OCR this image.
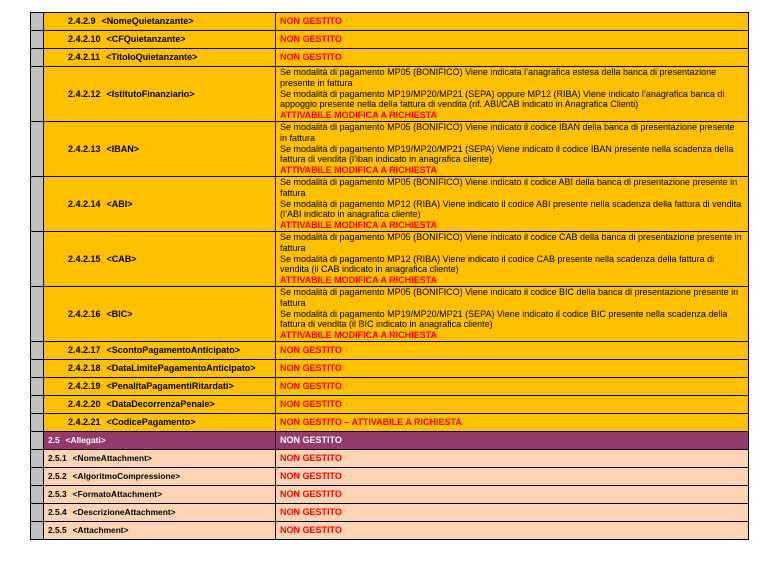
	2.4.2.9 <NomeQuietanzante>	NON GESTITO
	2.4.2.10 <CFQuietanzante>	NON GESTITO
	2.4.2.11 <TitoloQuietanzante>	NON GESTITO
	2.4.2.12 <IstitutoFinanziario>	Se modalità di pagamento MP05 (BONIFICO) Viene indicata l’anagrafica estesa della banca di presentazione presente in fattura
Se modalità di pagamento MP19/MP20/MP21 (SEPA) oppure MP12 (RIBA) Viene indicato l’anagrafica banca di appoggio presente nella della fattura di vendita (rif. ABI/CAB indicato in Anagrafica Clienti)
ATTIVABILE MODIFICA A RICHIESTA

	2.4.2.13 <IBAN>	Se modalità di pagamento MP05 (BONIFICO) Viene indicato il codice IBAN della banca di presentazione presente in fattura
Se modalità di pagamento MP19/MP20/MP21 (SEPA) Viene indicato il codice IBAN presente nella scadenza della fattura di vendita (l’iban indicato in anagrafica cliente)
ATTIVABILE MODIFICA A RICHIESTA

	2.4.2.14 <ABI>	Se modalità di pagamento MP05 (BONIFICO) Viene indicato il codice ABI della banca di presentazione presente in fattura
Se modalità di pagamento MP12 (RIBA) Viene indicato il codice ABI presente nella scadenza della fattura di vendita (l’ABI indicato in anagrafica cliente)
ATTIVABILE MODIFICA A RICHIESTA

	2.4.2.15 <CAB>	Se modalità di pagamento MP05 (BONIFICO) Viene indicato il codice CAB della banca di presentazione presente in fattura
Se modalità di pagamento MP12 (RIBA) Viene indicato il codice CAB presente nella scadenza della fattura di vendita (il CAB indicato in anagrafica cliente)
ATTIVABILE MODIFICA A RICHIESTA

	2.4.2.16 <BIC>	Se modalità di pagamento MP05 (BONIFICO) Viene indicato il codice BIC della banca di presentazione presente in fattura
Se modalità di pagamento MP19/MP20/MP21 (SEPA) Viene indicato il codice BIC presente nella scadenza della fattura di vendita (il BIC indicato in anagrafica cliente)
ATTIVABILE MODIFICA A RICHIESTA

	2.4.2.17 <ScontoPagamentoAnticipato>	NON GESTITO
	2.4.2.18 <DataLimitePagamentoAnticipato>	NON GESTITO
	2.4.2.19 <PenalitaPagamentiRitardati>	NON GESTITO
	2.4.2.20 <DataDecorrenzaPenale>	NON GESTITO
	2.4.2.21 <CodicePagamento>	NON GESTITO – ATTIVABILE A RICHIESTA
	2.5 <Allegati>	NON GESTITO
	2.5.1 <NomeAttachment>	NON GESTITO
	2.5.2 <AlgoritmoCompressione>	NON GESTITO
	2.5.3 <FormatoAttachment>	NON GESTITO
	2.5.4 <DescrizioneAttachment>	NON GESTITO
	2.5.5 <Attachment>	NON GESTITO
